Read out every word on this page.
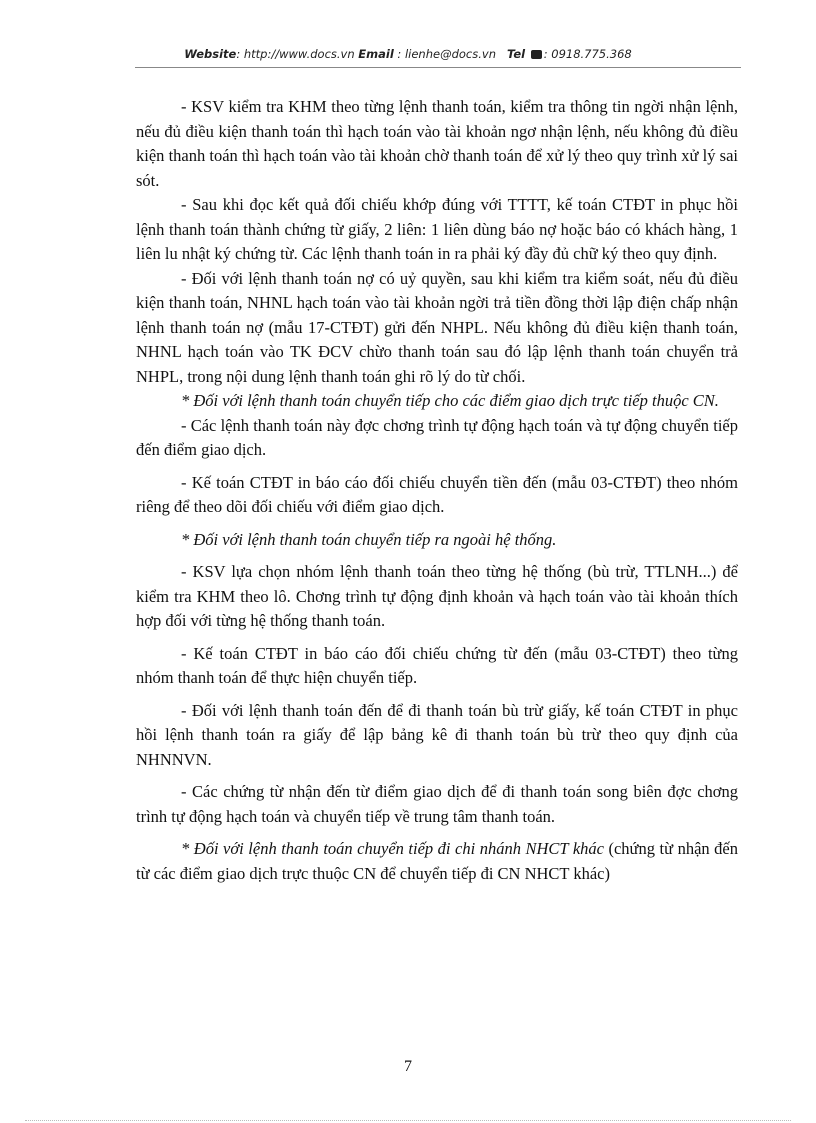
Website: http://www.docs.vn Email : lienhe@docs.vn Tel : 0918.775.368

- KSV kiểm tra KHM theo từng lệnh thanh toán, kiểm tra thông tin ngời nhận lệnh, nếu đủ điều kiện thanh toán thì hạch toán vào tài khoản ngơ nhận lệnh, nếu không đủ điều kiện thanh toán thì hạch toán vào tài khoản chờ thanh toán để xử lý theo quy trình xử lý sai sót.

- Sau khi đọc kết quả đối chiếu khớp đúng với TTTT, kế toán CTĐT in phục hồi lệnh thanh toán thành chứng từ giấy, 2 liên: 1 liên dùng báo nợ hoặc báo có khách hàng, 1 liên lu nhật ký chứng từ. Các lệnh thanh toán in ra phải ký đầy đủ chữ ký theo quy định.

- Đối với lệnh thanh toán nợ có uỷ quyền, sau khi kiểm tra kiểm soát, nếu đủ điều kiện thanh toán, NHNL hạch toán vào tài khoản ngời trả tiền đồng thời lập điện chấp nhận lệnh thanh toán nợ (mẫu 17-CTĐT) gửi đến NHPL. Nếu không đủ điều kiện thanh toán, NHNL hạch toán vào TK ĐCV chừo thanh toán sau đó lập lệnh thanh toán chuyển trả NHPL, trong nội dung lệnh thanh toán ghi rõ lý do từ chối.

* Đối với lệnh thanh toán chuyển tiếp cho các điểm giao dịch trực tiếp thuộc CN.

- Các lệnh thanh toán này đợc chơng trình tự động hạch toán và tự động chuyển tiếp đến điểm giao dịch.

- Kế toán CTĐT in báo cáo đối chiếu chuyển tiền đến (mẫu 03-CTĐT) theo nhóm riêng để theo dõi đối chiếu với điểm giao dịch.

* Đối với lệnh thanh toán chuyển tiếp ra ngoài hệ thống.

- KSV lựa chọn nhóm lệnh thanh toán theo từng hệ thống (bù trừ, TTLNH...) để kiểm tra KHM theo lô. Chơng trình tự động định khoản và hạch toán vào tài khoản thích hợp đối với từng hệ thống thanh toán.

- Kế toán CTĐT in báo cáo đối chiếu chứng từ đến (mẫu 03-CTĐT) theo từng nhóm thanh toán để thực hiện chuyển tiếp.

- Đối với lệnh thanh toán đến để đi thanh toán bù trừ giấy, kế toán CTĐT in phục hồi lệnh thanh toán ra giấy để lập bảng kê đi thanh toán bù trừ theo quy định của NHNNVN.

- Các chứng từ nhận đến từ điểm giao dịch để đi thanh toán song biên đợc chơng trình tự động hạch toán và chuyển tiếp về trung tâm thanh toán.

* Đối với lệnh thanh toán chuyển tiếp đi chi nhánh NHCT khác (chứng từ nhận đến từ các điểm giao dịch trực thuộc CN để chuyển tiếp đi CN NHCT khác)

7
